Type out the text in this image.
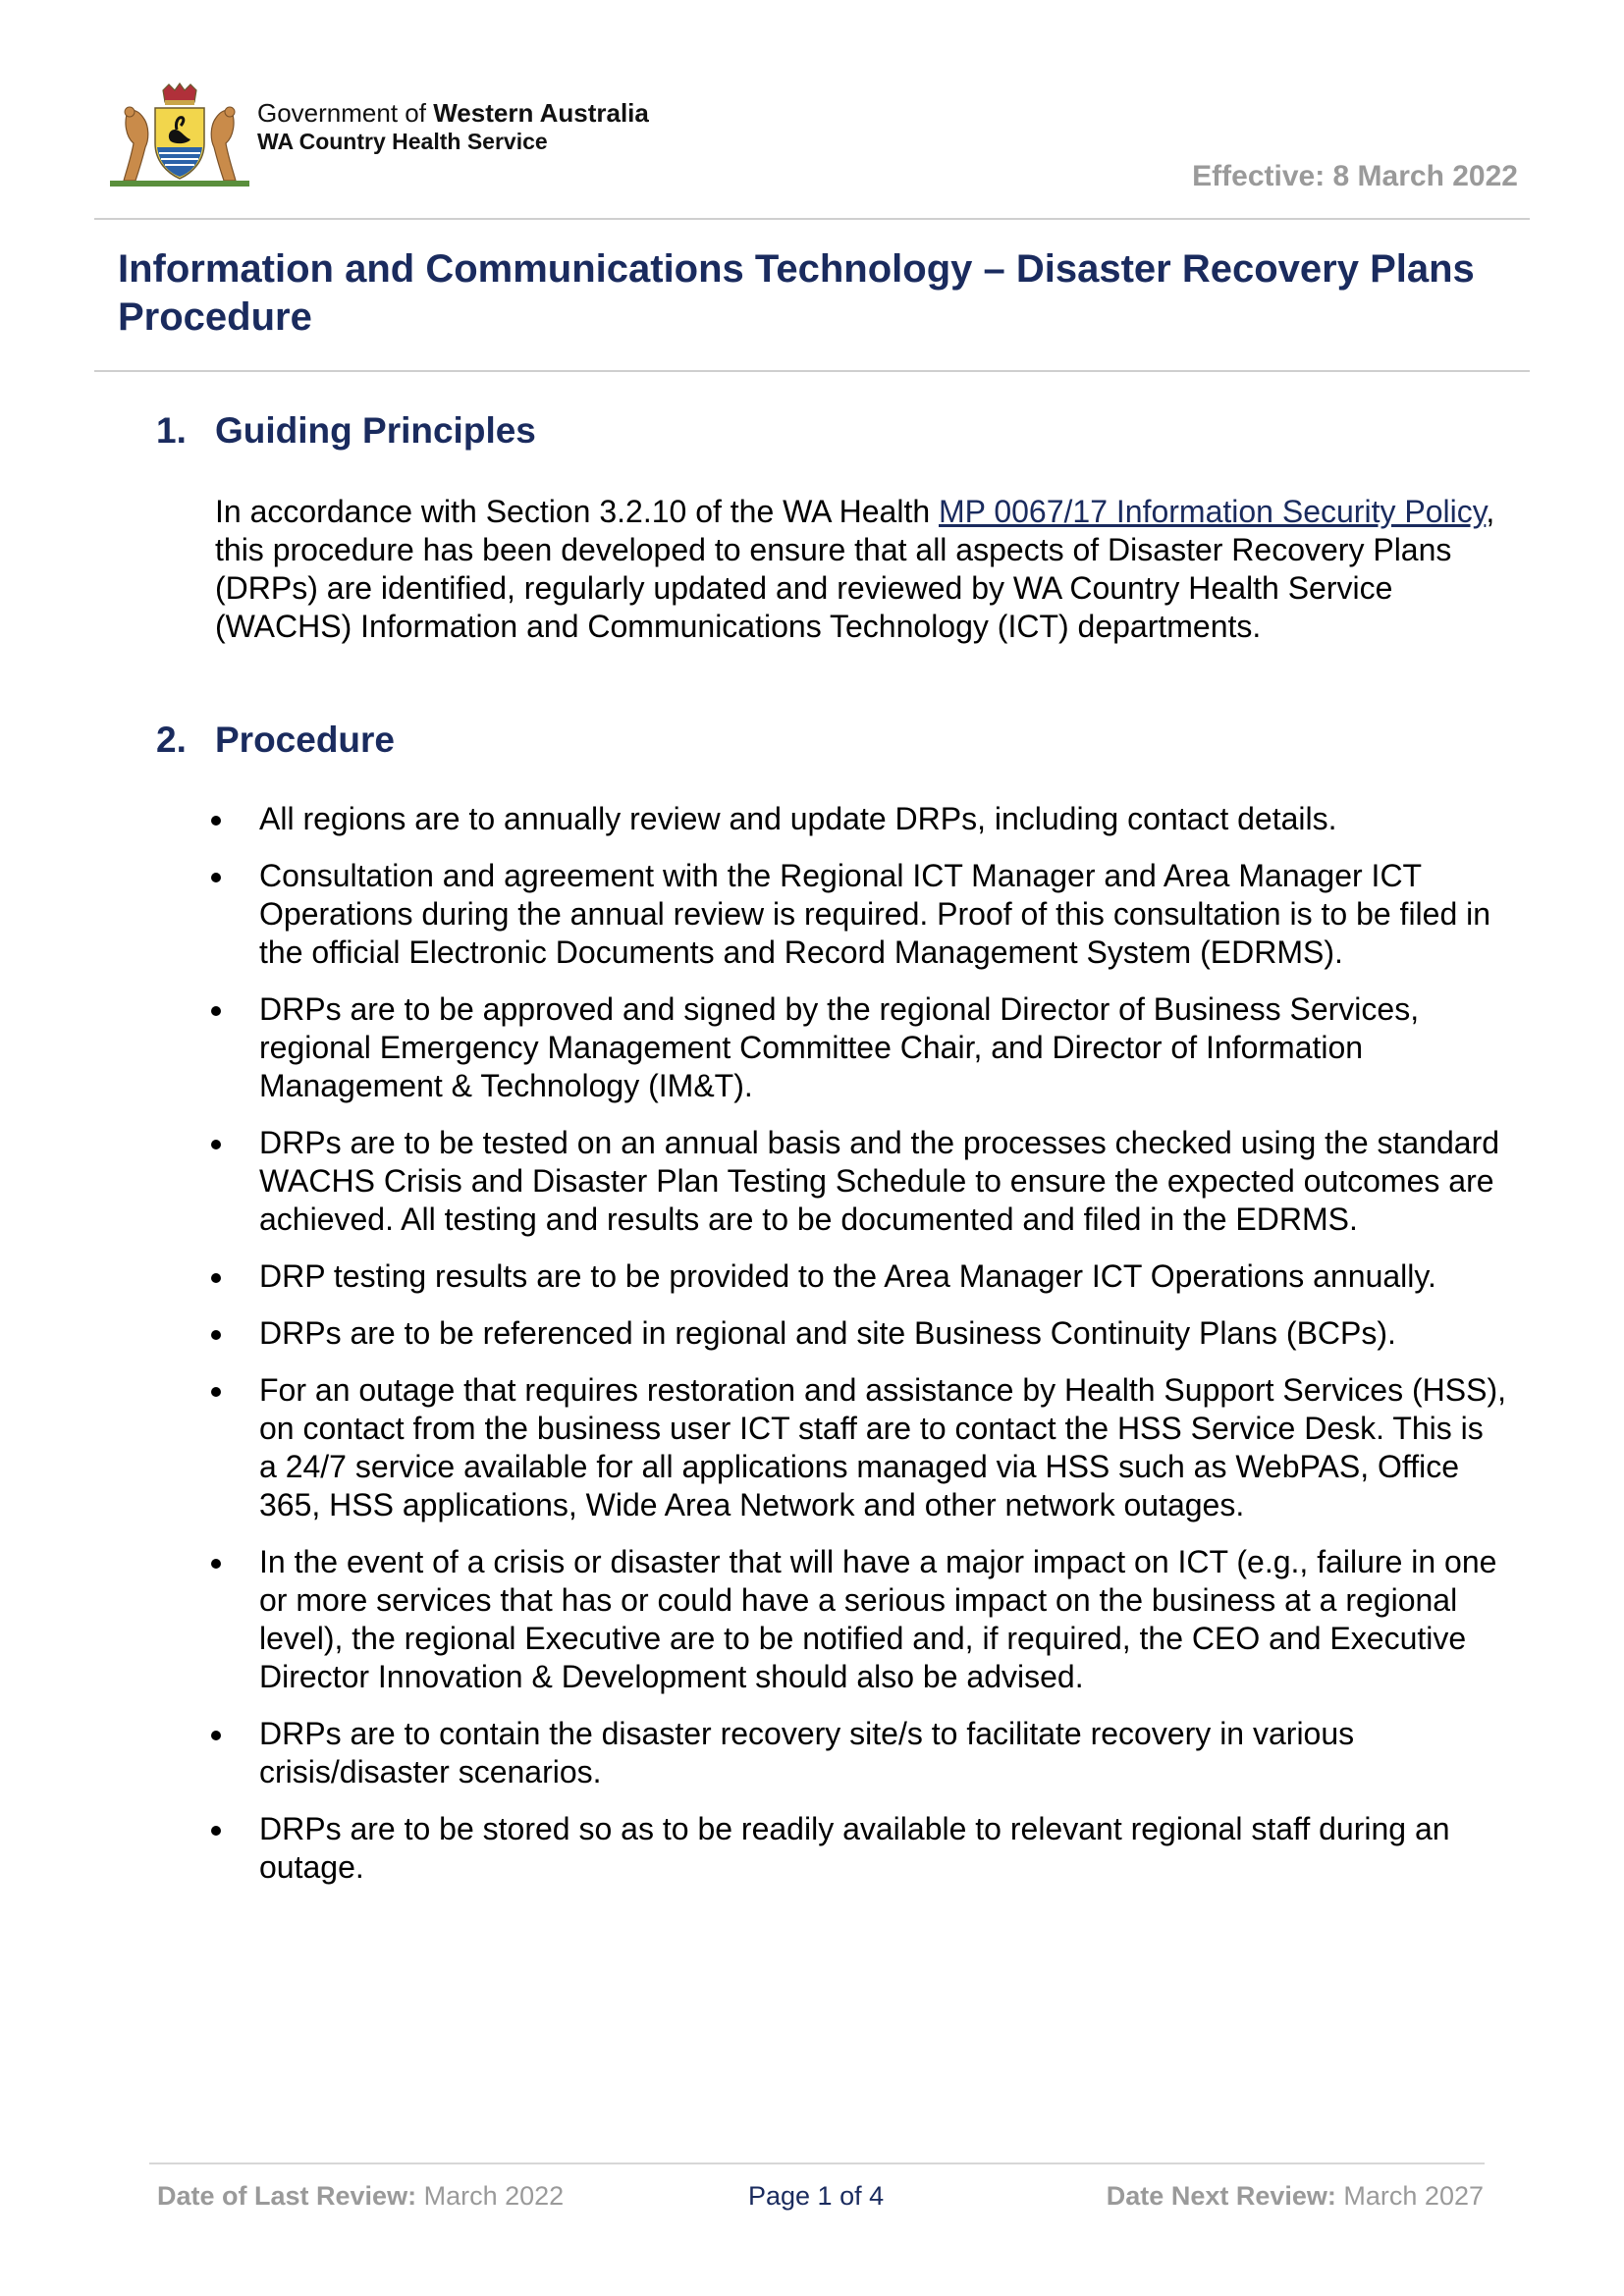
Government of Western Australia
WA Country Health Service
Effective: 8 March 2022
Information and Communications Technology – Disaster Recovery Plans Procedure
1. Guiding Principles
In accordance with Section 3.2.10 of the WA Health MP 0067/17 Information Security Policy, this procedure has been developed to ensure that all aspects of Disaster Recovery Plans (DRPs) are identified, regularly updated and reviewed by WA Country Health Service (WACHS) Information and Communications Technology (ICT) departments.
2. Procedure
All regions are to annually review and update DRPs, including contact details.
Consultation and agreement with the Regional ICT Manager and Area Manager ICT Operations during the annual review is required. Proof of this consultation is to be filed in the official Electronic Documents and Record Management System (EDRMS).
DRPs are to be approved and signed by the regional Director of Business Services, regional Emergency Management Committee Chair, and Director of Information Management & Technology (IM&T).
DRPs are to be tested on an annual basis and the processes checked using the standard WACHS Crisis and Disaster Plan Testing Schedule to ensure the expected outcomes are achieved. All testing and results are to be documented and filed in the EDRMS.
DRP testing results are to be provided to the Area Manager ICT Operations annually.
DRPs are to be referenced in regional and site Business Continuity Plans (BCPs).
For an outage that requires restoration and assistance by Health Support Services (HSS), on contact from the business user ICT staff are to contact the HSS Service Desk. This is a 24/7 service available for all applications managed via HSS such as WebPAS, Office 365, HSS applications, Wide Area Network and other network outages.
In the event of a crisis or disaster that will have a major impact on ICT (e.g., failure in one or more services that has or could have a serious impact on the business at a regional level), the regional Executive are to be notified and, if required, the CEO and Executive Director Innovation & Development should also be advised.
DRPs are to contain the disaster recovery site/s to facilitate recovery in various crisis/disaster scenarios.
DRPs are to be stored so as to be readily available to relevant regional staff during an outage.
Date of Last Review: March 2022	Page 1 of 4	Date Next Review: March 2027
